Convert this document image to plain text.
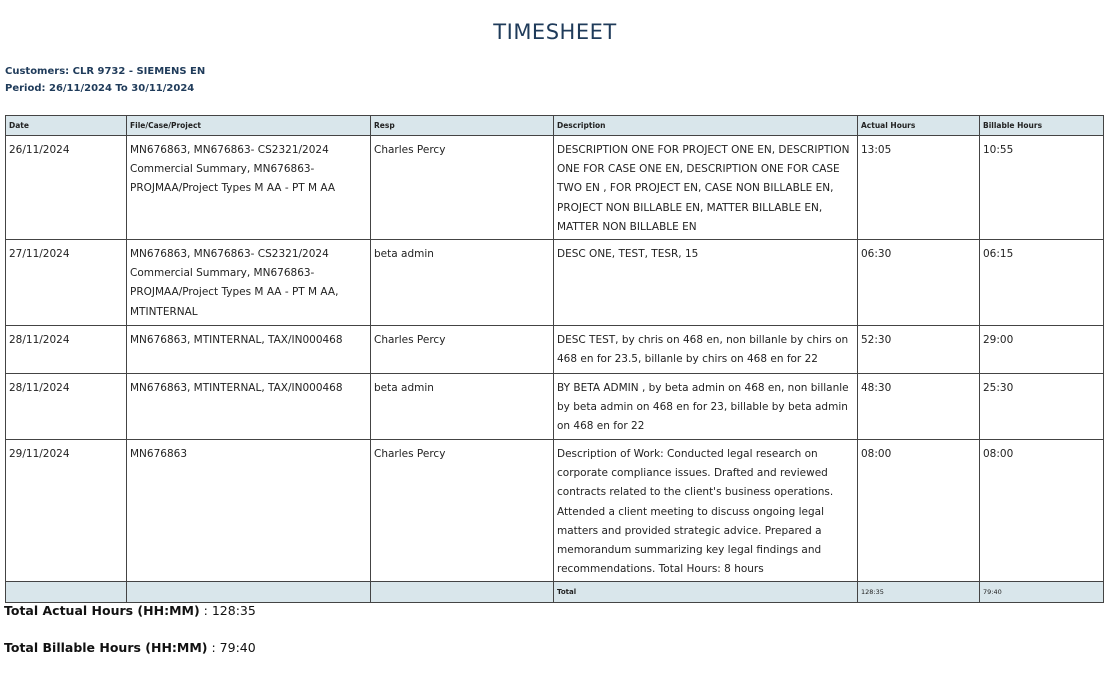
TIMESHEET
Customers: CLR 9732 - SIEMENS EN
Period: 26/11/2024 To 30/11/2024
Date	File/Case/Project	Resp	Description	Actual Hours	Billable Hours
26/11/2024	MN676863, MN676863- CS2321/2024 Commercial Summary, MN676863-PROJMAA/Project Types M AA - PT M AA	Charles Percy	DESCRIPTION ONE FOR PROJECT ONE EN, DESCRIPTION ONE FOR CASE ONE EN, DESCRIPTION ONE FOR CASE TWO EN , FOR PROJECT EN, CASE NON BILLABLE EN, PROJECT NON BILLABLE EN, MATTER BILLABLE EN, MATTER NON BILLABLE EN	13:05	10:55
27/11/2024	MN676863, MN676863- CS2321/2024 Commercial Summary, MN676863-PROJMAA/Project Types M AA - PT M AA, MTINTERNAL	beta admin	DESC ONE, TEST, TESR, 15	06:30	06:15
28/11/2024	MN676863, MTINTERNAL, TAX/IN000468	Charles Percy	DESC TEST, by chris on 468 en, non billanle by chirs on 468 en for 23.5, billanle by chirs on 468 en for 22	52:30	29:00
28/11/2024	MN676863, MTINTERNAL, TAX/IN000468	beta admin	BY BETA ADMIN , by beta admin on 468 en, non billanle by beta admin on 468 en for 23, billable by beta admin on 468 en for 22	48:30	25:30
29/11/2024	MN676863	Charles Percy	Description of Work: Conducted legal research on corporate compliance issues. Drafted and reviewed contracts related to the client's business operations. Attended a client meeting to discuss ongoing legal matters and provided strategic advice. Prepared a memorandum summarizing key legal findings and recommendations. Total Hours: 8 hours	08:00	08:00
			Total	128:35	79:40
Total Actual Hours (HH:MM) : 128:35
Total Billable Hours (HH:MM) : 79:40
